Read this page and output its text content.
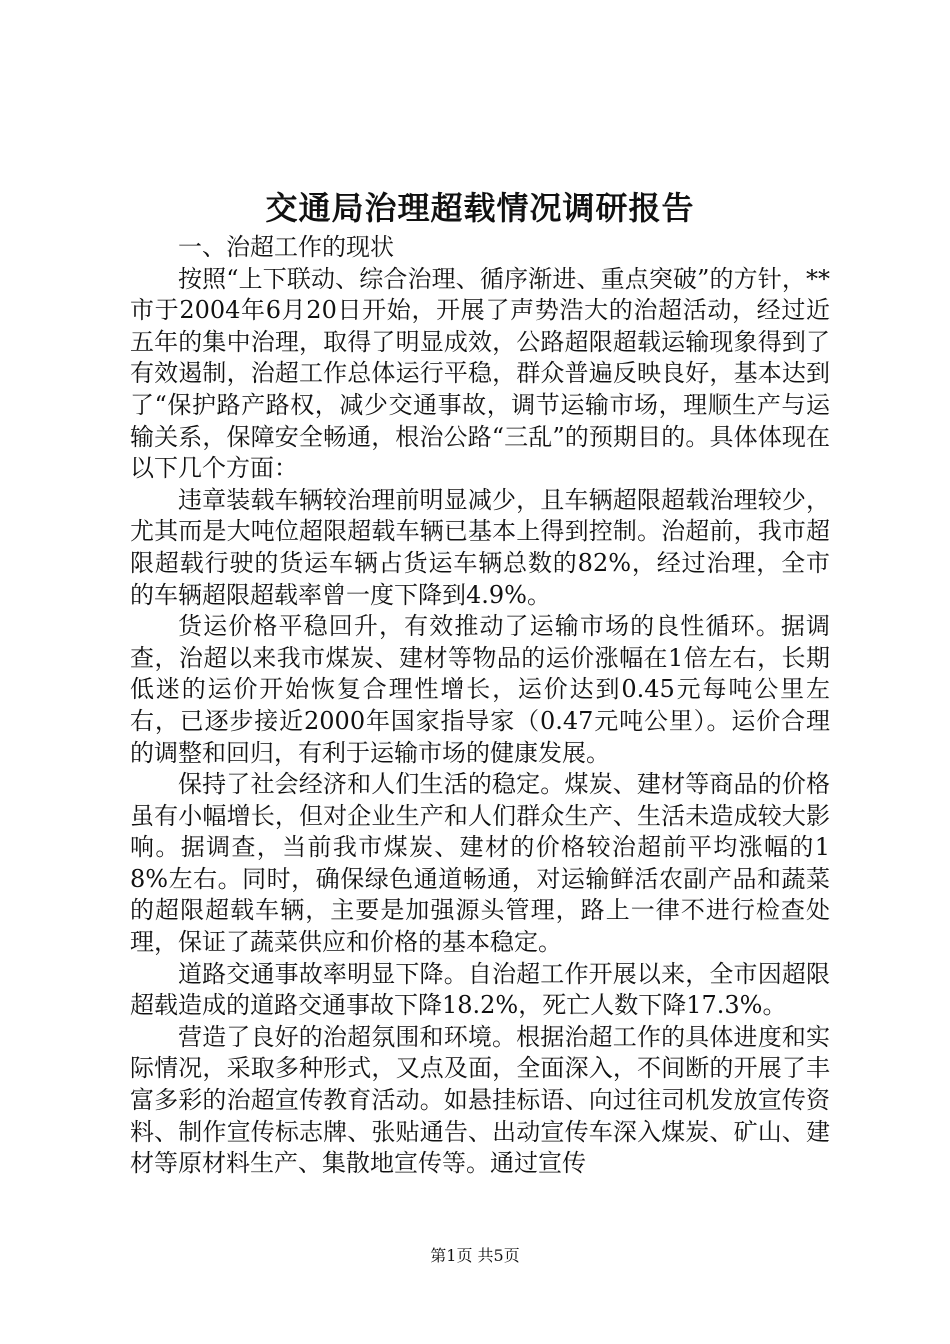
交通局治理超载情况调研报告

一、治超工作的现状

按照“上下联动、综合治理、循序渐进、重点突破”的方针，**市于2004年6月20日开始，开展了声势浩大的治超活动，经过近五年的集中治理，取得了明显成效，公路超限超载运输现象得到了有效遏制，治超工作总体运行平稳，群众普遍反映良好，基本达到了“保护路产路权，减少交通事故，调节运输市场，理顺生产与运输关系，保障安全畅通，根治公路“三乱”的预期目的。具体体现在以下几个方面：

违章装载车辆较治理前明显减少，且车辆超限超载治理较少，尤其而是大吨位超限超载车辆已基本上得到控制。治超前，我市超限超载行驶的货运车辆占货运车辆总数的82%，经过治理，全市的车辆超限超载率曾一度下降到4.9%。

货运价格平稳回升，有效推动了运输市场的良性循环。据调查，治超以来我市煤炭、建材等物品的运价涨幅在1倍左右，长期低迷的运价开始恢复合理性增长，运价达到0.45元每吨公里左右，已逐步接近2000年国家指导家（0.47元吨公里）。运价合理的调整和回归，有利于运输市场的健康发展。

保持了社会经济和人们生活的稳定。煤炭、建材等商品的价格虽有小幅增长，但对企业生产和人们群众生产、生活未造成较大影响。据调查，当前我市煤炭、建材的价格较治超前平均涨幅的18%左右。同时，确保绿色通道畅通，对运输鲜活农副产品和蔬菜的超限超载车辆，主要是加强源头管理，路上一律不进行检查处理，保证了蔬菜供应和价格的基本稳定。

道路交通事故率明显下降。自治超工作开展以来，全市因超限超载造成的道路交通事故下降18.2%，死亡人数下降17.3%。

营造了良好的治超氛围和环境。根据治超工作的具体进度和实际情况，采取多种形式，又点及面，全面深入，不间断的开展了丰富多彩的治超宣传教育活动。如悬挂标语、向过往司机发放宣传资料、制作宣传标志牌、张贴通告、出动宣传车深入煤炭、矿山、建材等原材料生产、集散地宣传等。通过宣传

第1页 共5页
